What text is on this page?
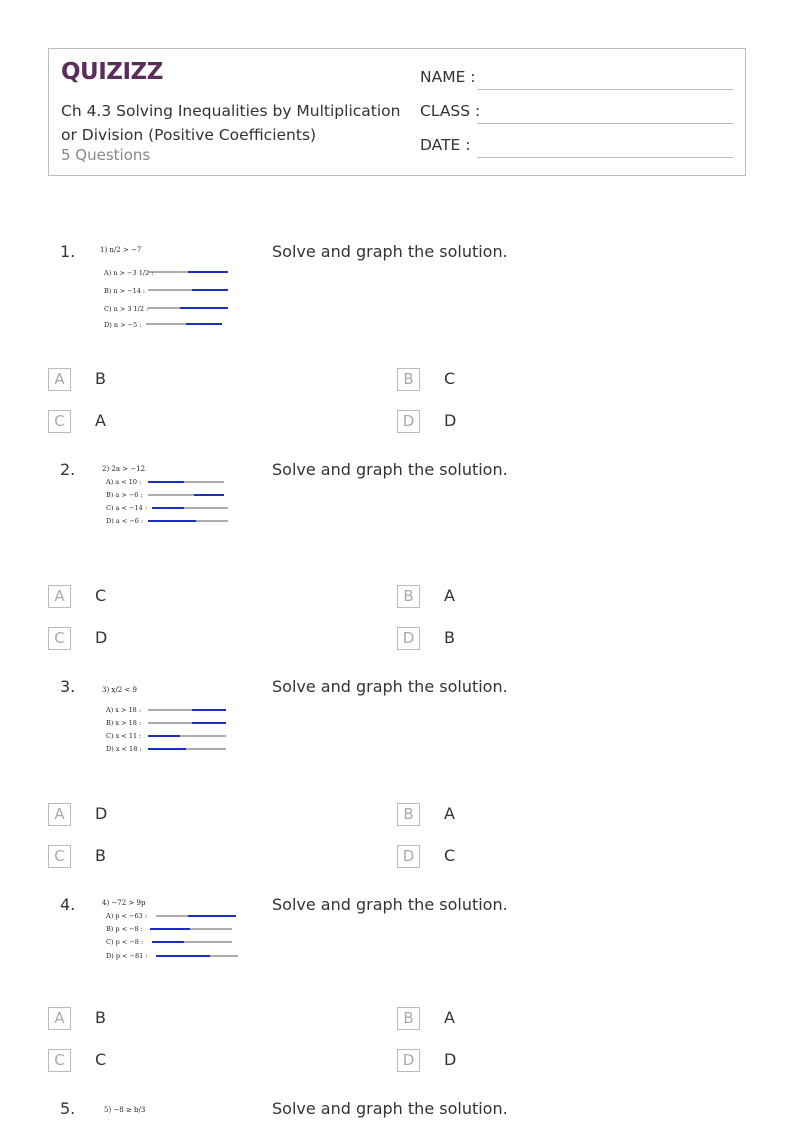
QUIZIZZ
Ch 4.3 Solving Inequalities by Multiplication or Division (Positive Coefficients)
5 Questions
NAME :
CLASS :
DATE :
1.	Solve and graph the solution.
1) n/2 > −7
A) n > −3 1/2 :
B) n > −14 :
C) n > 3 1/2 :
D) n > −5 :
A	B	B	C
C	A	D	D
2.	Solve and graph the solution.
2) 2a > −12
A) a < 10 :
B) a > −6 :
C) a < −14 :
D) a < −6 :
A	C	B	A
C	D	D	B
3.	Solve and graph the solution.
3) x/2 < 9
A) x > 18 :
B) x > 18 :
C) x < 11 :
D) x < 18 :
A	D	B	A
C	B	D	C
4.	Solve and graph the solution.
4) −72 > 9p
A) p < −63 :
B) p < −8 :
C) p < −8 :
D) p < −81 :
A	B	B	A
C	C	D	D
5.	Solve and graph the solution.
5) −8 ≥ b/3
